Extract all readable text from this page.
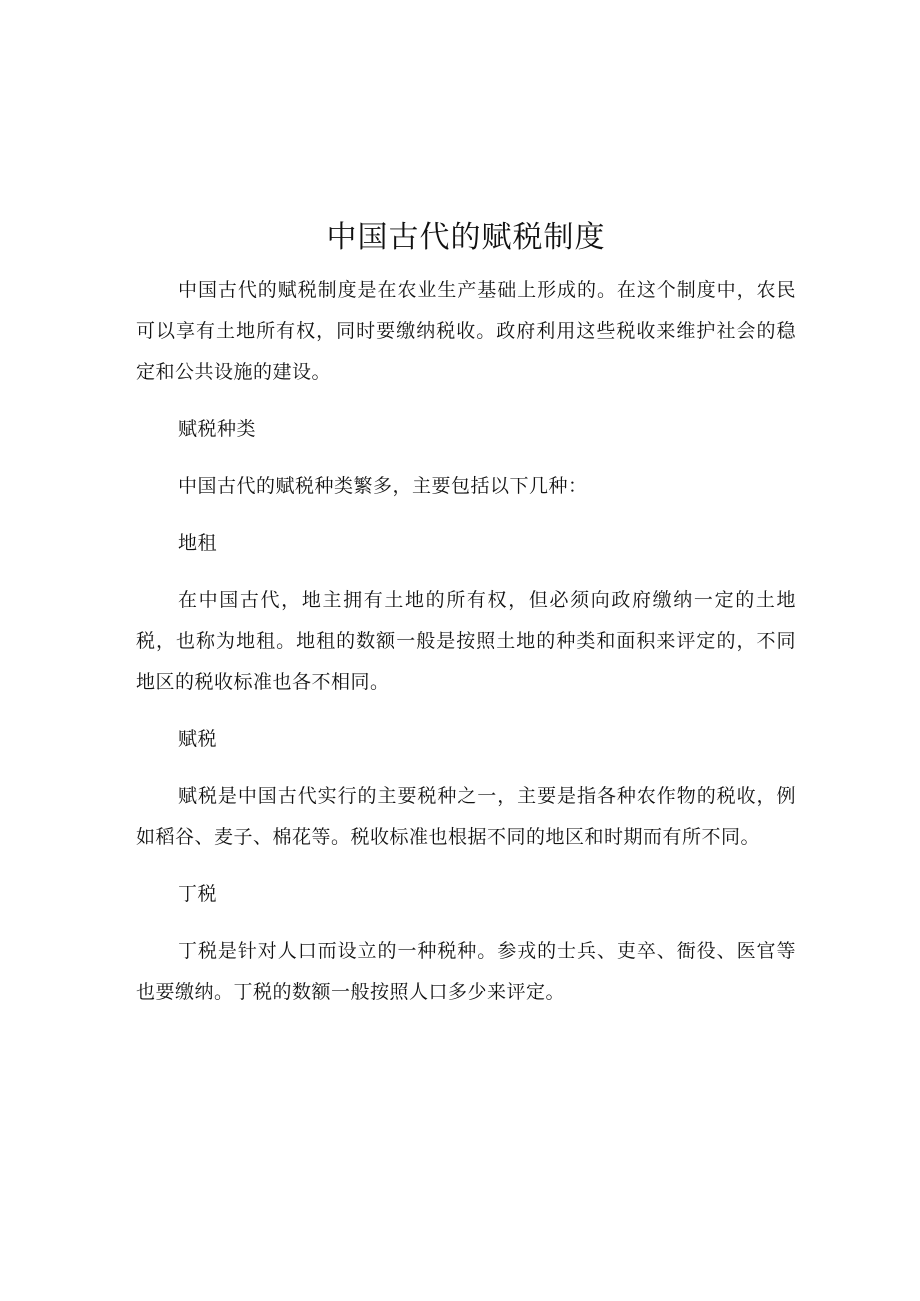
中国古代的赋税制度

中国古代的赋税制度是在农业生产基础上形成的。在这个制度中，农民可以享有土地所有权，同时要缴纳税收。政府利用这些税收来维护社会的稳定和公共设施的建设。

赋税种类

中国古代的赋税种类繁多，主要包括以下几种：

地租

在中国古代，地主拥有土地的所有权，但必须向政府缴纳一定的土地税，也称为地租。地租的数额一般是按照土地的种类和面积来评定的，不同地区的税收标准也各不相同。

赋税

赋税是中国古代实行的主要税种之一，主要是指各种农作物的税收，例如稻谷、麦子、棉花等。税收标准也根据不同的地区和时期而有所不同。

丁税

丁税是针对人口而设立的一种税种。参戎的士兵、吏卒、衙役、医官等也要缴纳。丁税的数额一般按照人口多少来评定。
